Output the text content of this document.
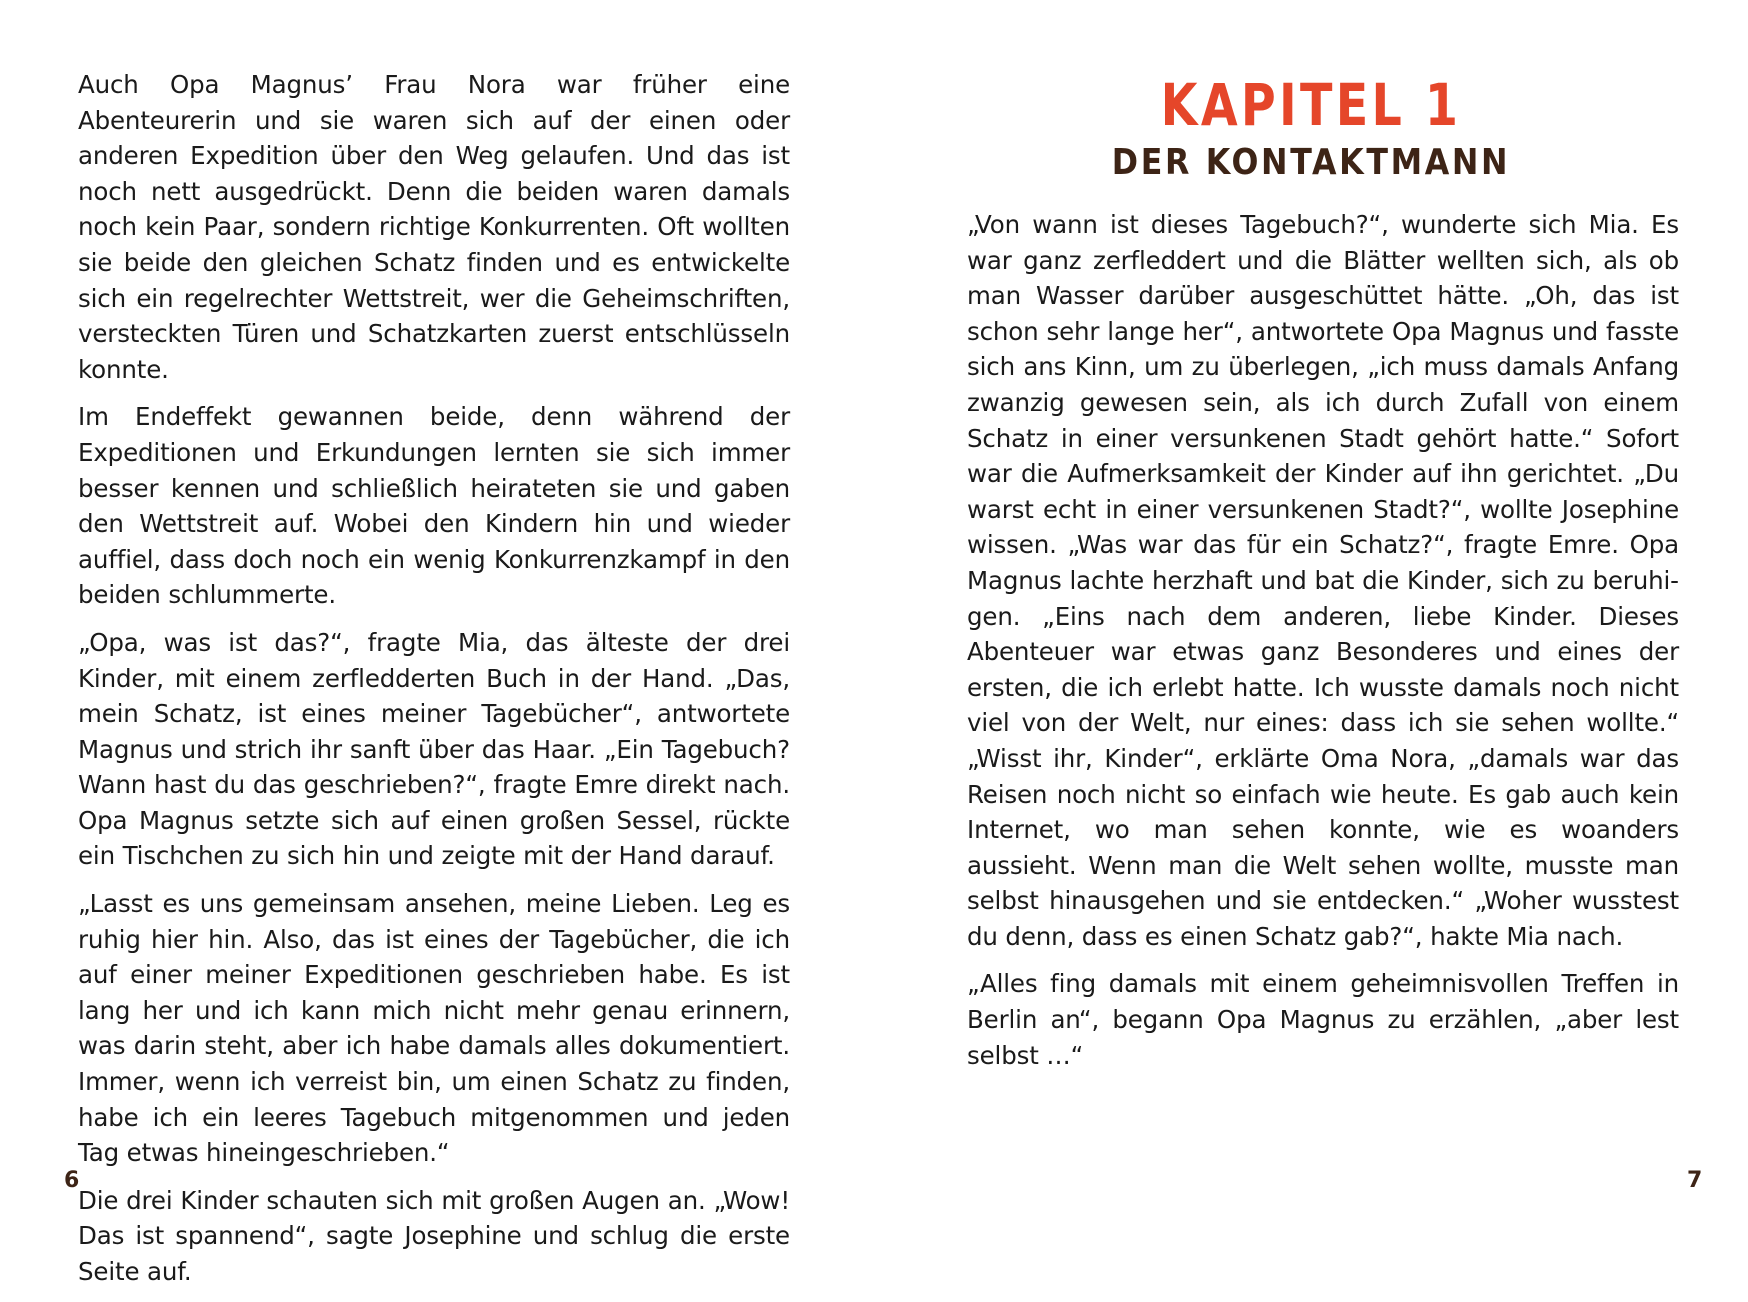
Auch Opa Magnus’ Frau Nora war früher eine Abenteurerin und sie waren sich auf der einen oder anderen Expedition über den Weg gelaufen. Und das ist noch nett ausgedrückt. Denn die beiden waren damals noch kein Paar, sondern richtige Konkurrenten. Oft wollten sie beide den gleichen Schatz finden und es entwickelte sich ein regelrechter Wettstreit, wer die Geheimschriften, versteckten Türen und Schatzkarten zuerst entschlüsseln konnte.

Im Endeffekt gewannen beide, denn während der Expeditionen und Erkundungen lernten sie sich immer besser kennen und schließlich heirateten sie und gaben den Wettstreit auf. Wobei den Kindern hin und wieder auffiel, dass doch noch ein wenig Konkurrenzkampf in den beiden schlummerte.

„Opa, was ist das?“, fragte Mia, das älteste der drei Kinder, mit einem zerfledderten Buch in der Hand. „Das, mein Schatz, ist eines meiner Tagebücher“, antwortete Magnus und strich ihr sanft über das Haar. „Ein Tagebuch? Wann hast du das geschrieben?“, fragte Emre direkt nach. Opa Magnus setzte sich auf einen großen Sessel, rückte ein Tischchen zu sich hin und zeigte mit der Hand darauf.

„Lasst es uns gemeinsam ansehen, meine Lieben. Leg es ruhig hier hin. Also, das ist eines der Tagebücher, die ich auf einer meiner Expeditionen geschrieben habe. Es ist lang her und ich kann mich nicht mehr genau erinnern, was darin steht, aber ich habe damals alles dokumentiert. Immer, wenn ich verreist bin, um einen Schatz zu finden, habe ich ein leeres Tagebuch mitgenommen und jeden Tag etwas hineingeschrieben.“

Die drei Kinder schauten sich mit großen Augen an. „Wow! Das ist spannend“, sagte Josephine und schlug die erste Seite auf.

6
KAPITEL 1
DER KONTAKTMANN

„Von wann ist dieses Tagebuch?“, wunderte sich Mia. Es war ganz zerfleddert und die Blätter wellten sich, als ob man Wasser darüber ausgeschüttet hätte. „Oh, das ist schon sehr lange her“, antwortete Opa Magnus und fasste sich ans Kinn, um zu überlegen, „ich muss damals Anfang zwanzig gewesen sein, als ich durch Zufall von einem Schatz in einer versunkenen Stadt gehört hatte.“ Sofort war die Aufmerksamkeit der Kinder auf ihn gerichtet. „Du warst echt in einer versunkenen Stadt?“, wollte Josephine wissen. „Was war das für ein Schatz?“, fragte Emre. Opa Magnus lachte herzhaft und bat die Kinder, sich zu beruhigen. „Eins nach dem anderen, liebe Kinder. Dieses Abenteuer war etwas ganz Besonderes und eines der ersten, die ich erlebt hatte. Ich wusste damals noch nicht viel von der Welt, nur eines: dass ich sie sehen wollte.“ „Wisst ihr, Kinder“, erklärte Oma Nora, „damals war das Reisen noch nicht so einfach wie heute. Es gab auch kein Internet, wo man sehen konnte, wie es woanders aussieht. Wenn man die Welt sehen wollte, musste man selbst hinausgehen und sie entdecken.“ „Woher wusstest du denn, dass es einen Schatz gab?“, hakte Mia nach.

„Alles fing damals mit einem geheimnisvollen Treffen in Berlin an“, begann Opa Magnus zu erzählen, „aber lest selbst …“

7
